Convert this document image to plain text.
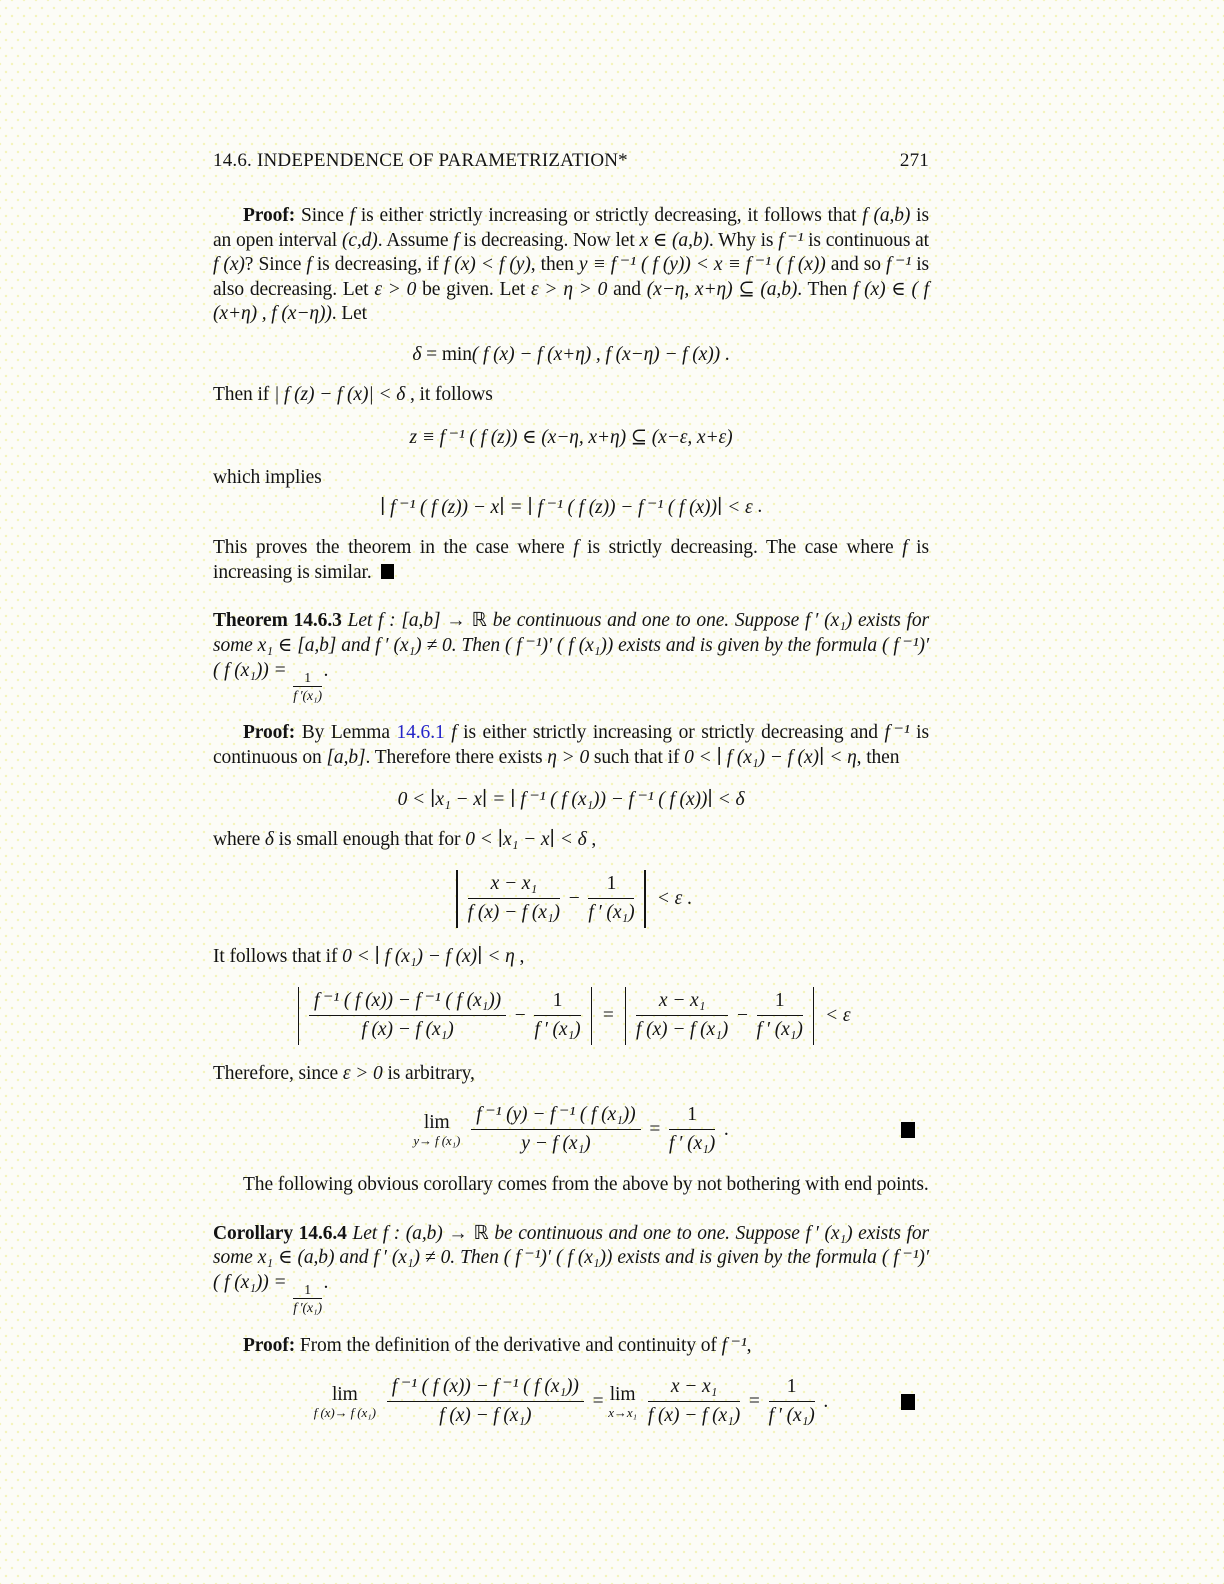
14.6. INDEPENDENCE OF PARAMETRIZATION*	271
Proof: Since f is either strictly increasing or strictly decreasing, it follows that f (a,b) is an open interval (c,d). Assume f is decreasing. Now let x ∈ (a,b). Why is f ⁻¹ is continuous at f (x)? Since f is decreasing, if f (x) < f (y), then y ≡ f ⁻¹ ( f (y)) < x ≡ f ⁻¹ ( f (x)) and so f ⁻¹ is also decreasing. Let ε > 0 be given. Let ε > η > 0 and (x−η, x+η) ⊆ (a,b). Then f (x) ∈ ( f (x+η) , f (x−η)). Let
δ = min ( f (x) − f (x+η) , f (x−η) − f (x)) .
Then if | f (z) − f (x)| < δ , it follows
z ≡ f ⁻¹ ( f (z)) ∈ (x−η, x+η) ⊆ (x−ε, x+ε)
which implies
∣ f ⁻¹ ( f (z)) − x∣ = ∣ f ⁻¹ ( f (z)) − f ⁻¹ ( f (x))∣ < ε .
This proves the theorem in the case where f is strictly decreasing. The case where f is increasing is similar.
Theorem 14.6.3 Let f : [a,b] → ℝ be continuous and one to one. Suppose f ′ (x₁) exists for some x₁ ∈ [a,b] and f ′ (x₁) ≠ 0. Then ( f ⁻¹)′ ( f (x₁)) exists and is given by the formula ( f ⁻¹)′ ( f (x₁)) =
$\frac{1}{\text{f ′(x₁)}}$
.
Proof: By Lemma 14.6.1 f is either strictly increasing or strictly decreasing and f ⁻¹ is continuous on [a,b]. Therefore there exists η > 0 such that if 0 < ∣ f (x₁) − f (x)∣ < η, then
0 < ∣x₁ − x∣ = ∣ f ⁻¹ ( f (x₁)) − f ⁻¹ ( f (x))∣ < δ
where δ is small enough that for 0 < ∣x₁ − x∣ < δ ,
$\frac{\text{x − x₁}}{\text{f (x) − f (x₁)}} - \frac{1}{\text{f ′ (x₁)}} < \varepsilon$ .
It follows that if 0 < ∣ f (x₁) − f (x)∣ < η ,
$\frac{\text{f ⁻¹ ( f (x)) − f ⁻¹ ( f (x₁))}}{\text{f (x) − f (x₁)}} - \frac{1}{\text{f ′ (x₁)}} = \frac{\text{x − x₁}}{\text{f (x) − f (x₁)}} - \frac{1}{\text{f ′ (x₁)}} < \varepsilon$
Therefore, since ε > 0 is arbitrary,
lim
y→ f $(x_1) \frac{\text{f ⁻¹ (y) − f ⁻¹ ( f (x₁))}}{\text{y − f (x₁)}} = \frac{1}{\text{f ′ (x₁)}}$ .
The following obvious corollary comes from the above by not bothering with end points.
Corollary 14.6.4 Let f : (a,b) → ℝ be continuous and one to one. Suppose f ′ (x₁) exists for some x₁ ∈ (a,b) and f ′ (x₁) ≠ 0. Then ( f ⁻¹)′ ( f (x₁)) exists and is given by the formula ( f ⁻¹)′ ( f (x₁)) =
$\frac{1}{\text{f ′(x₁)}}$
.
Proof: From the definition of the derivative and continuity of f ⁻¹,
lim
f (x)→ f $(x_1) \frac{\text{f ⁻¹ ( f (x)) − f ⁻¹ ( f (x₁))}}{\text{f (x) − f (x₁)}} = \lim$
$x\to x_1 \frac{\text{x − x₁}}{\text{f (x) − f (x₁)}} = \frac{1}{\text{f ′ (x₁)}}$ .
